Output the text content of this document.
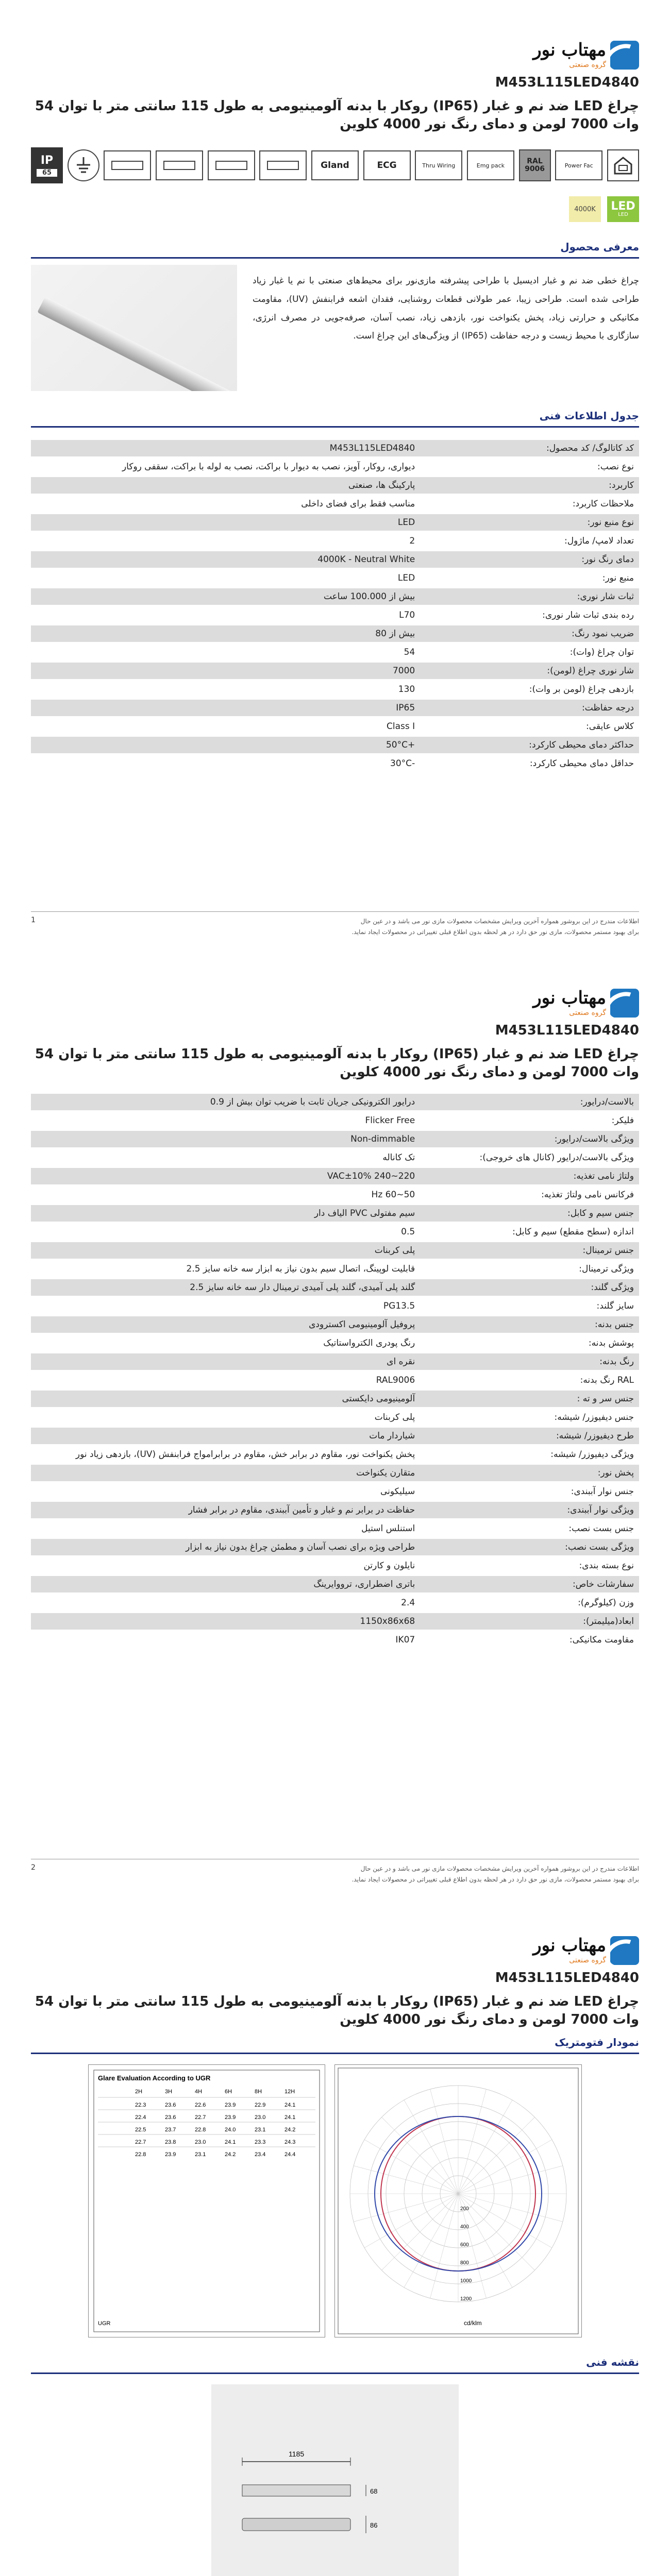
مهتاب نور
گروه صنعتی
M453L115LED4840
چراغ LED ضد نم و غبار (IP65) روکار با بدنه آلومینیومی به طول 115 سانتی متر با توان 54 وات 7000 لومن و دمای رنگ نور 4000 کلوین
IP
65
Gland	ECG	Thru Wiring	Emg pack
RAL
9006	Power Fac
4000K	LED
LED
معرفی محصول
چراغ خطی ضد نم و غبار ادیسیل با طراحی پیشرفته مازی‌نور برای محیط‌های صنعتی با نم یا غبار زیاد طراحی شده است. طراحی زیبا، عمر طولانی قطعات روشنایی، فقدان اشعه فرابنفش (UV)، مقاومت مکانیکی و حرارتی زیاد، پخش یکنواخت نور، بازدهی زیاد، نصب آسان، صرفه‌جویی در مصرف انرژی، سازگاری با محیط زیست و درجه حفاظت (IP65) از ویژگی‌های این چراغ است.
جدول اطلاعات فنی
کد کاتالوگ/ کد محصول:	M453L115LED4840
نوع نصب:	دیواری، روکار، آویز، نصب به دیوار با براکت، نصب به لوله با براکت، سقفی روکار
کاربرد:	پارکینگ ها، صنعتی
ملاحظات کاربرد:	مناسب فقط برای فضای داخلی
نوع منبع نور:	LED
تعداد لامپ/ ماژول:	2
دمای رنگ نور:	4000K - Neutral White
منبع نور:	LED
ثبات شار نوری:	بیش از 100.000 ساعت
رده بندی ثبات شار نوری:	L70
ضریب نمود رنگ:	بیش از 80
توان چراغ (وات):	54
شار نوری چراغ (لومن):	7000
بازدهی چراغ (لومن بر وات):	130
درجه حفاظت:	IP65
کلاس عایقی:	Class I
حداکثر دمای محیطی کارکرد:	+50°C
حداقل دمای محیطی کارکرد:	-30°C
1	اطلاعات مندرج در این بروشور همواره آخرین ویرایش مشخصات محصولات مازی نور می باشد و در عین حال
برای بهبود مستمر محصولات، مازی نور حق دارد در هر لحظه بدون اطلاع قبلی تغییراتی در محصولات ایجاد نماید.
مهتاب نور
گروه صنعتی
M453L115LED4840
چراغ LED ضد نم و غبار (IP65) روکار با بدنه آلومینیومی به طول 115 سانتی متر با توان 54 وات 7000 لومن و دمای رنگ نور 4000 کلوین
بالاست/درایور:	درایور الکترونیکی جریان ثابت با ضریب توان بیش از 0.9
فلیکر:	Flicker Free
ویژگی بالاست/درایور:	Non-dimmable
ویژگی بالاست/درایور (کانال های خروجی):	تک کاناله
ولتاژ نامی تغذیه:	220~240 VAC±10%
فرکانس نامی ولتاژ تغذیه:	50~60 Hz
جنس سیم و کابل:	سیم مفتولی PVC الیاف دار
اندازه (سطح مقطع) سیم و کابل:	0.5
جنس ترمینال:	پلی کربنات
ویژگی ترمینال:	قابلیت لوپینگ، اتصال سیم بدون نیاز به ابزار سه خانه سایز 2.5
ویژگی گلند:	گلند پلی آمیدی، گلند پلی آمیدی ترمینال دار سه خانه سایز 2.5
سایز گلند:	PG13.5
جنس بدنه:	پروفیل آلومینیومی اکسترودی
پوشش بدنه:	رنگ پودری الکترواستاتیک
رنگ بدنه:	نقره ای
RAL رنگ بدنه:	RAL9006
جنس سر و ته :	آلومینیومی دایکستی
جنس دیفیوزر/ شیشه:	پلی کربنات
طرح دیفیوزر/ شیشه:	شیاردار مات
ویژگی دیفیوزر/ شیشه:	پخش یکنواخت نور، مقاوم در برابر خش، مقاوم در برابرامواج فرابنفش (UV)، بازدهی زیاد نور
پخش نور:	متقارن یکنواخت
جنس نوار آببندی:	سیلیکونی
ویژگی نوار آببندی:	حفاظت در برابر نم و غبار و تأمین آببندی، مقاوم در برابر فشار
جنس بست نصب:	استنلس استیل
ویژگی بست نصب:	طراحی ویژه برای نصب آسان و مطمئن چراغ بدون نیاز به ابزار
نوع بسته بندی:	نایلون و کارتن
سفارشات خاص:	باتری اضطراری، ترووایرینگ
وزن (کیلوگرم):	2.4
ابعاد(میلیمتر):	1150x86x68
مقاومت مکانیکی:	IK07
2	اطلاعات مندرج در این بروشور همواره آخرین ویرایش مشخصات محصولات مازی نور می باشد و در عین حال
برای بهبود مستمر محصولات، مازی نور حق دارد در هر لحظه بدون اطلاع قبلی تغییراتی در محصولات ایجاد نماید.
مهتاب نور
گروه صنعتی
M453L115LED4840
چراغ LED ضد نم و غبار (IP65) روکار با بدنه آلومینیومی به طول 115 سانتی متر با توان 54 وات 7000 لومن و دمای رنگ نور 4000 کلوین
نمودار فتومتریک
Glare Evaluation According to UGR
2H	3H	4H	6H	8H	12H
22.3	23.6	22.6	23.9	22.9	24.1
22.4	23.6	22.7	23.9	23.0	24.1
22.5	23.7	22.8	24.0	23.1	24.2
22.7	23.8	23.0	24.1	23.3	24.3
22.8	23.9	23.1	24.2	23.4	24.4
UGR
200
400
600
800
1000
1200
cd/klm
نقشه فنی
1185
68
86
